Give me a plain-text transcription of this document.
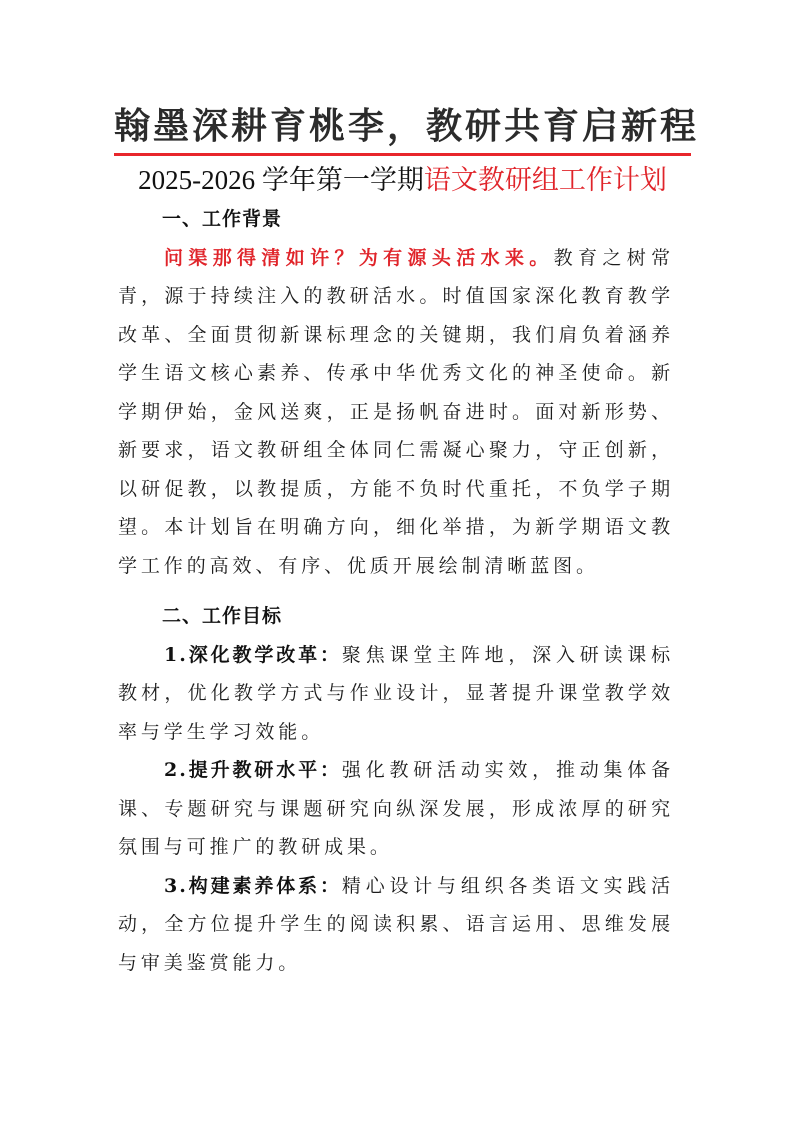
翰墨深耕育桃李，教研共育启新程
2025-2026 学年第一学期语文教研组工作计划
一、工作背景

问渠那得清如许？为有源头活水来。教育之树常青，源于持续注入的教研活水。时值国家深化教育教学改革、全面贯彻新课标理念的关键期，我们肩负着涵养学生语文核心素养、传承中华优秀文化的神圣使命。新学期伊始，金风送爽，正是扬帆奋进时。面对新形势、新要求，语文教研组全体同仁需凝心聚力，守正创新，以研促教，以教提质，方能不负时代重托，不负学子期望。本计划旨在明确方向，细化举措，为新学期语文教学工作的高效、有序、优质开展绘制清晰蓝图。

二、工作目标

1.深化教学改革：聚焦课堂主阵地，深入研读课标教材，优化教学方式与作业设计，显著提升课堂教学效率与学生学习效能。

2.提升教研水平：强化教研活动实效，推动集体备课、专题研究与课题研究向纵深发展，形成浓厚的研究氛围与可推广的教研成果。

3.构建素养体系：精心设计与组织各类语文实践活动，全方位提升学生的阅读积累、语言运用、思维发展与审美鉴赏能力。
